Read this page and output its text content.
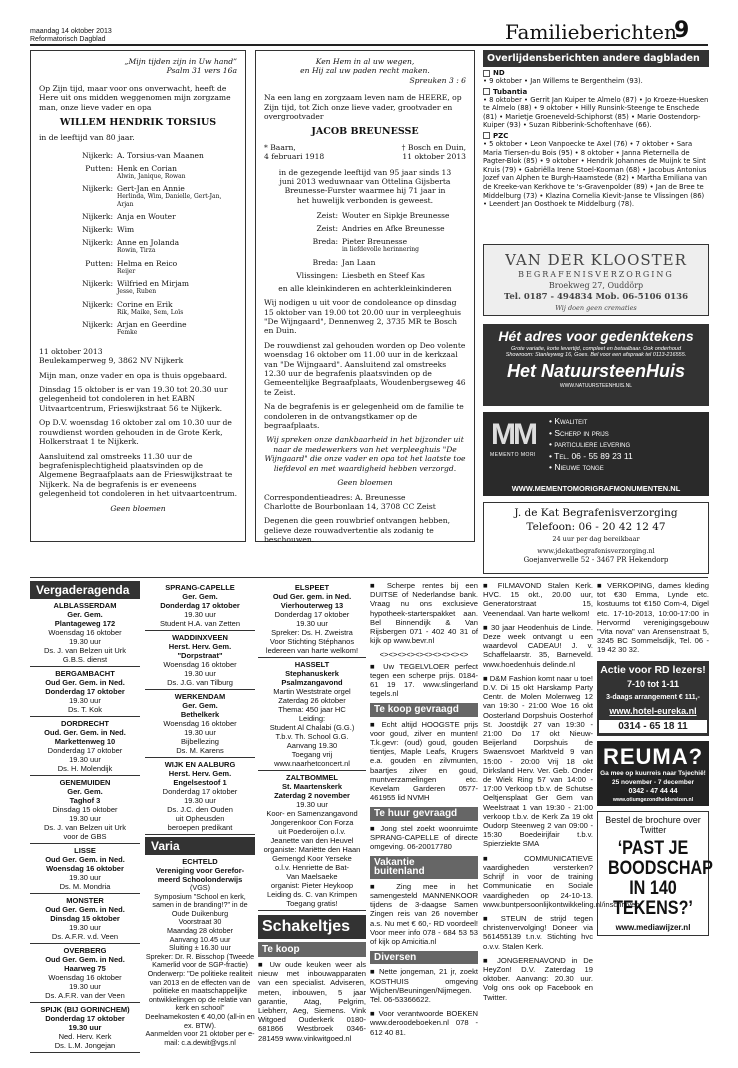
maandag 14 oktober 2013
Reformatorisch Dagblad	Familieberichten
9

„Mijn tijden zijn in Uw hand”
Psalm 31 vers 16a

Op Zijn tijd, maar voor ons onverwacht, heeft de Here uit ons midden weggenomen mijn zorgzame man, onze lieve vader en opa

WILLEM HENDRIK TORSIUS

in de leeftijd van 80 jaar.

Nijkerk: A. Torsius-van Maanen
Putten: Henk en Corian
Alwin, Janique, Rowan
Nijkerk: Gert-Jan en Annie
Herlinda, Wim, Danielle, Gert-Jan, Arjan
Nijkerk: Anja en Wouter
Nijkerk: Wim
Nijkerk: Anne en Jolanda
Rowin, Tirza
Putten: Helma en Reico
Reijer
Nijkerk: Wilfried en Mirjam
Jesse, Ruben
Nijkerk: Corine en Erik
Rik, Maike, Sem, Loïs
Nijkerk: Arjan en Geerdine
Femke

11 oktober 2013
Beulekamperweg 9, 3862 NV Nijkerk

Mijn man, onze vader en opa is thuis opgebaard.

Dinsdag 15 oktober is er van 19.30 tot 20.30 uur gelegenheid tot condoleren in het EABN Uitvaartcentrum, Frieswijkstraat 56 te Nijkerk.

Op D.V. woensdag 16 oktober zal om 10.30 uur de rouwdienst worden gehouden in de Grote Kerk, Holkerstraat 1 te Nijkerk.

Aansluitend zal omstreeks 11.30 uur de begrafenisplechtigheid plaatsvinden op de Algemene Begraafplaats aan de Frieswijkstraat te Nijkerk. Na de begrafenis is er eveneens gelegenheid tot condoleren in het uitvaartcentrum.

Geen bloemen

Ken Hem in al uw wegen,
en Hij zal uw paden recht maken.

Spreuken 3 : 6

Na een lang en zorgzaam leven nam de HEERE, op Zijn tijd, tot Zich onze lieve vader, grootvader en overgrootvader

JACOB BREUNESSE

* Baarn,
4 februari 1918
† Bosch en Duin,
11 oktober 2013

in de gezegende leeftijd van 95 jaar sinds 13 juni 2013 weduwnaar van Ottelina Gijsberta Breunesse-Furster waarmee hij 71 jaar in het huwelijk verbonden is geweest.

Zeist: Wouter en Sipkje Breunesse
Zeist: Andries en Afke Breunesse
Breda: Pieter Breunesse
in liefdevolle herinnering
Breda: Jan Laan
Vlissingen: Liesbeth en Steef Kas

en alle kleinkinderen en achterkleinkinderen

Wij nodigen u uit voor de condoleance op dinsdag 15 oktober van 19.00 tot 20.00 uur in verpleeghuis "De Wijngaard", Dennenweg 2, 3735 MR te Bosch en Duin.

De rouwdienst zal gehouden worden op Deo volente woensdag 16 oktober om 11.00 uur in de kerkzaal van "De Wijngaard". Aansluitend zal omstreeks 12.30 uur de begrafenis plaatsvinden op de Gemeentelijke Begraafplaats, Woudenbergseweg 46 te Zeist.

Na de begrafenis is er gelegenheid om de familie te condoleren in de ontvangstkamer op de begraafplaats.

Wij spreken onze dankbaarheid in het bijzonder uit naar de medewerkers van het verpleeghuis "De Wijngaard" die onze vader en opa tot het laatste toe liefdevol en met waardigheid hebben verzorgd.

Geen bloemen

Correspondentieadres: A. Breunesse
Charlotte de Bourbonlaan 14, 3708 CC Zeist

Degenen die geen rouwbrief ontvangen hebben, gelieve deze rouwadvertentie als zodanig te beschouwen.

Overlijdensberichten andere dagbladen
ND
• 9 oktober • Jan Willems te Bergentheim (93).
Tubantia
• 8 oktober • Gerrit Jan Kuiper te Almelo (87) • Jo Kroeze-Huesken te Almelo (88) • 9 oktober • Hilly Runsink-Steenge te Enschede (81) • Marietje Groeneveld-Schiphorst (85) • Marie Oostendorp-Kuiper (93) • Suzan Ribberink-Schoftenhave (66).
PZC
• 5 oktober • Leon Vanpoecke te Axel (76) • 7 oktober • Sara Maria Tiersen-du Bois (95) • 8 oktober • Janna Pieternella de Pagter-Blok (85) • 9 oktober • Hendrik Johannes de Muijnk te Sint Kruis (79) • Gabriëlla Irene Stoel-Kooman (68) • Jacobus Antonius Jozef van Alphen te Burgh-Haamstede (82) • Martha Emiliana van de Kreeke-van Kerkhove te 's-Gravenpolder (89) • Jan de Bree te Middelburg (73) • Klazina Cornelia Kievit-Janse te Vlissingen (86) • Leendert Jan Oosthoek te Middelburg (78).
VAN DER KLOOSTER
BEGRAFENISVERZORGING
Broekweg 27, Ouddörp
Tel. 0187 - 494834 Mob. 06-5106 0136
Wij doen geen crematies
Hét adres voor gedenktekens
Grote variatie, korte levertijd, compleet en betaalbaar. Ook onderhoud
Showroom: Stanleyweg 16, Goes. Bel voor een afspraak tel 0113-216555.
Het NatuursteenHuis
WWW.NATUURSTEENHUIS.NL
MM
MEMENTO MORI
• Kwaliteit
• Scherp in prijs
• particuliere levering
• Tel. 06 - 55 89 23 11
• Nieuwe tonge
WWW.MEMENTOMORIGRAFMONUMENTEN.NL
J. de Kat Begrafenisverzorging
Telefoon: 06 - 20 42 12 47
24 uur per dag bereikbaar
www.jdekatbegrafenisverzorging.nl
Goejanverwelle 52 - 3467 PR Hekendorp
Vergaderagenda
ALBLASSERDAM
Ger. Gem.
Plantageweg 172
Woensdag 16 oktober
19.30 uur
Ds. J. van Belzen uit Urk
G.B.S. dienst
BERGAMBACHT
Oud Ger. Gem. in Ned.
Donderdag 17 oktober
19.30 uur
Ds. T. Kok
DORDRECHT
Oud. Ger. Gem. in Ned.
Markettenweg 10
Donderdag 17 oktober
19.30 uur
Ds. H. Molendijk
GENEMUIDEN
Ger. Gem.
Taghof 3
Dinsdag 15 oktober
19.30 uur
Ds. J. van Belzen uit Urk
voor de GBS
LISSE
Oud Ger. Gem. in Ned.
Woensdag 16 oktober
19.30 uur
Ds. M. Mondria
MONSTER
Oud Ger. Gem. in Ned.
Dinsdag 15 oktober
19.30 uur
Ds. A.F.R. v.d. Veen
OVERBERG
Oud Ger. Gem. in Ned.
Haarweg 75
Woensdag 16 oktober
19.30 uur
Ds. A.F.R. van der Veen
SPIJK (BIJ GORINCHEM)
Donderdag 17 oktober
19.30 uur
Ned. Herv. Kerk
Ds. L.M. Jongejan
SPRANG-CAPELLE
Ger. Gem.
Donderdag 17 oktober
19.30 uur
Student H.A. van Zetten
WADDINXVEEN
Herst. Herv. Gem.
"Dorpstraat"
Woensdag 16 oktober
19.30 uur
Ds. J.G. van Tilburg
WERKENDAM
Ger. Gem.
Bethelkerk
Woensdag 16 oktober
19.30 uur
Bijbellezing
Ds. M. Karens
WIJK EN AALBURG
Herst. Herv. Gem.
Engelsestoof 1
Donderdag 17 oktober
19.30 uur
Ds. J.C. den Ouden
uit Opheusden
beroepen predikant
Varia
ECHTELD
Vereniging voor Gerefor-
meerd Schoolonderwijs
(VGS)
Symposium "School en kerk, samen in de branding!?" in de Oude Duikenburg
Voorstraat 30
Maandag 28 oktober
Aanvang 10.45 uur
Sluiting ± 16.30 uur
Spreker: Dr. R. Bisschop (Tweede Kamerlid voor de SGP-fractie)
Onderwerp: "De politieke realiteit van 2013 en de effecten van de politieke en maatschappelijke ontwikkelingen op de relatie van kerk en school"
Deelnamekosten € 40,00 (all-in en ex. BTW).
Aanmelden voor 21 oktober per e-mail: c.a.dewit@vgs.nl
ELSPEET
Oud Ger. gem. in Ned.
Vierhouterweg 13
Donderdag 17 oktober
19.30 uur
Spreker: Ds. H. Zweistra
Voor Stichting Stéphanos
ledereen van harte welkom!
HASSELT
Stephanuskerk
Psalmzangavond
Martin Weststrate orgel
Zaterdag 26 oktober
Thema: 450 jaar HC
Leiding:
Student Al Chalabi (G.G.)
T.b.v. Th. School G.G.
Aanvang 19.30
Toegang vrij
www.naarhetconcert.nl
ZALTBOMMEL
St. Maartenskerk
Zaterdag 2 november
19.30 uur
Koor- en Samenzangavond
Jongerenkoor Con Forza
uit Poederoijen o.l.v.
Jeanette van den Heuvel
organiste: Mariëtte den Haan
Gemengd Koor Yerseke
o.l.v. Henriette de Bat-
Van Maelsaeke
organist: Pieter Heykoop
Leiding ds. C. van Krimpen
Toegang gratis!
Schakeltjes
Te koop
■ Uw oude keuken weer als nieuw met inbouwapparaten van een specialist. Adviseren, meten, inbouwen, 5 jaar garantie, Atag, Pelgrim, Liebherr, Aeg, Siemens. Vink Witgoed Ouderkerk 0180-681866 Westbroek 0346-281459 www.vinkwitgoed.nl

■ Scherpe rentes bij een DUITSE of Nederlandse bank. Vraag nu ons exclusieve hypotheek-starterspakket aan. Bel Binnendijk & Van Rijsbergen 071 - 402 40 31 of kijk op www.bevr.nl

<><><><><><><><><><>

■ Uw TEGELVLOER perfect tegen een scherpe prijs. 0184-61 19 17. www.slingerland tegels.nl

Te koop gevraagd

■ Echt altijd HOOGSTE prijs voor goud, zilver en munten! T.k.gevr: (oud) goud, gouden tientjes, Maple Leafs, Krugers e.a. gouden en zilvmunten, baartjes zilver en goud, muntverzamelingen etc. Kevelam Garderen 0577-461955 lid NVMH

Te huur gevraagd

■ Jong stel zoekt woonruimte SPRANG-CAPELLE of directe omgeving. 06-20017780

Vakantie
buitenland

■ Zing mee in het samengesteld MANNENKOOR tijdens de 3-daagse Samen Zingen reis van 26 november a.s. Nu met € 60,- RD voordeel! Voor meer info 078 - 684 53 53 of kijk op Amicitia.nl

Diversen

■ Nette jongeman, 21 jr, zoekt KOSTHUIS omgeving Wijchen/Beuningen/Nijmegen. Tel. 06-53366622.

■ Voor verantwoorde BOEKEN www.deroodeboeken.nl 078 - 612 40 81.

■ FILMAVOND Stalen Kerk. HVC. 15 okt., 20.00 uur, Generatorstraat 15, Veenendaal. Van harte welkom!

■ 30 jaar Heodenhuis de Linde. Deze week ontvangt u een waardevol CADEAU! J. v. Schaffelaarstr. 35, Barneveld. www.hoedenhuis delinde.nl

■ D&M Fashion komt naar u toe! D.V. Di 15 okt Harskamp Party Centr. de Molen Molenweg 12 van 19:30 - 21:00 Woe 16 okt Oosterland Dorpshuis Oosterhof St. Joostdijk 27 van 19:30 - 21:00 Do 17 okt Nieuw- Beijerland Dorpshuis de Swaensvoet Marktveld 9 van 15:00 - 20:00 Vrij 18 okt Dirksland Herv. Ver. Geb. Onder de Wiek Ring 57 van 14:00 - 17:00 Verkoop t.b.v. de Schutse Oeltjensplaat Ger Gem van Weelstraat 1 van 19:30 - 21:00 verkoop t.b.v. de Kerk Za 19 okt Oudorp Steenweg 2 van 09:00 - 15:30 Boedeirijfair t.b.v. Spierziekte SMA

■ COMMUNICATIEVE vaardigheden versterken? Schrijf in voor de training Communicatie en Sociale vaardigheden op 24-10-13. www.buntpersoonlijkontwikkeling.nl/inschrijven/

■ STEUN de strijd tegen christenvervolging! Doneer via 561455139 t.n.v. Stichting hvc o.v.v. Stalen Kerk.

■ JONGERENAVOND in De HeyZon! D.V. Zaterdag 19 oktober. Aanvang: 20.30 uur. Volg ons ook op Facebook en Twitter.

■ VERKOPING, dames kleding tot €30 Emma, Lynde etc. kostuums tot €150 Com-4, Digel etc. 17-10-2013, 10:00-17:00 in Hervormd verenigingsgebouw "Vita nova" van Arensenstraat 5, 3245 BC Sommelsdijk, Tel. 06 - 19 42 30 32.

Actie voor RD lezers!
7-10 tot 1-11
3-daags arrangement € 111,-
www.hotel-eureka.nl
0314 - 65 18 11
REUMA?
Ga mee op kuurreis naar Tsjechië!
25 november - 7 december
0342 - 47 44 44
www.otiumgezondheidsreizen.nl
Bestel de brochure over Twitter
‘PAST JE BOODSCHAP IN 140 TEKENS?’
www.mediawijzer.nl
